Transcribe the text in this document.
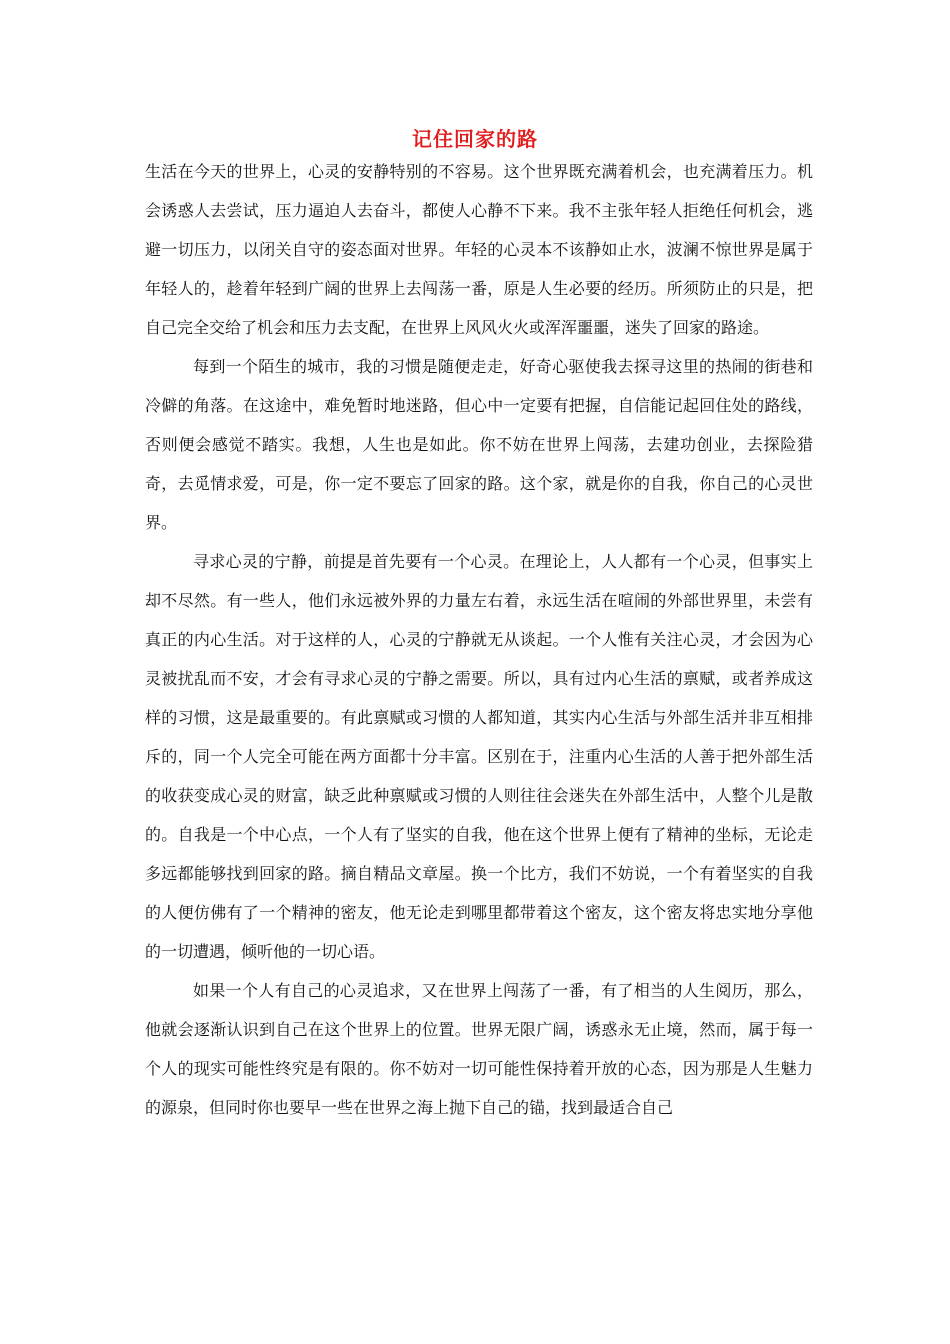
记住回家的路

生活在今天的世界上，心灵的安静特别的不容易。这个世界既充满着机会，也充满着压力。机会诱惑人去尝试，压力逼迫人去奋斗，都使人心静不下来。我不主张年轻人拒绝任何机会，逃避一切压力，以闭关自守的姿态面对世界。年轻的心灵本不该静如止水，波澜不惊世界是属于年轻人的，趁着年轻到广阔的世界上去闯荡一番，原是人生必要的经历。所须防止的只是，把自己完全交给了机会和压力去支配，在世界上风风火火或浑浑噩噩，迷失了回家的路途。

每到一个陌生的城市，我的习惯是随便走走，好奇心驱使我去探寻这里的热闹的街巷和冷僻的角落。在这途中，难免暂时地迷路，但心中一定要有把握，自信能记起回住处的路线，否则便会感觉不踏实。我想，人生也是如此。你不妨在世界上闯荡，去建功创业，去探险猎奇，去觅情求爱，可是，你一定不要忘了回家的路。这个家，就是你的自我，你自己的心灵世界。

寻求心灵的宁静，前提是首先要有一个心灵。在理论上，人人都有一个心灵，但事实上却不尽然。有一些人，他们永远被外界的力量左右着，永远生活在喧闹的外部世界里，未尝有真正的内心生活。对于这样的人，心灵的宁静就无从谈起。一个人惟有关注心灵，才会因为心灵被扰乱而不安，才会有寻求心灵的宁静之需要。所以，具有过内心生活的禀赋，或者养成这样的习惯，这是最重要的。有此禀赋或习惯的人都知道，其实内心生活与外部生活并非互相排斥的，同一个人完全可能在两方面都十分丰富。区别在于，注重内心生活的人善于把外部生活的收获变成心灵的财富，缺乏此种禀赋或习惯的人则往往会迷失在外部生活中，人整个儿是散的。自我是一个中心点，一个人有了坚实的自我，他在这个世界上便有了精神的坐标，无论走多远都能够找到回家的路。摘自精品文章屋。换一个比方，我们不妨说，一个有着坚实的自我的人便仿佛有了一个精神的密友，他无论走到哪里都带着这个密友，这个密友将忠实地分享他的一切遭遇，倾听他的一切心语。

如果一个人有自己的心灵追求，又在世界上闯荡了一番，有了相当的人生阅历，那么，他就会逐渐认识到自己在这个世界上的位置。世界无限广阔，诱惑永无止境，然而，属于每一个人的现实可能性终究是有限的。你不妨对一切可能性保持着开放的心态，因为那是人生魅力的源泉，但同时你也要早一些在世界之海上抛下自己的锚，找到最适合自己
